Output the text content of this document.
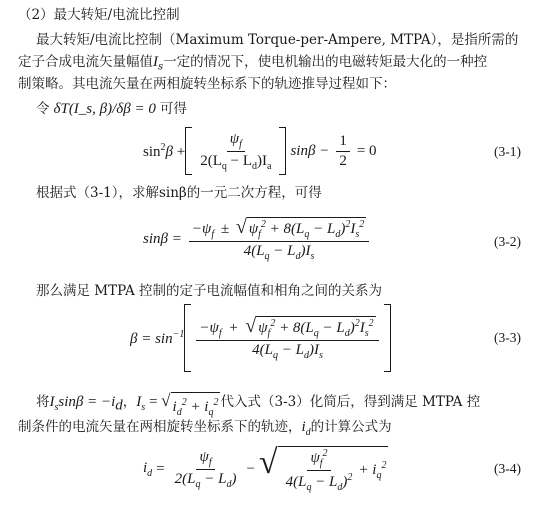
（2）最大转矩/电流比控制
最大转矩/电流比控制（Maximum Torque-per-Ampere, MTPA），是指所需的
定子合成电流矢量幅值$I_s$一定的情况下，使电机输出的电磁转矩最大化的一种控
制策略。其电流矢量在两相旋转坐标系下的轨迹推导过程如下：
令 δT(I_s, β)/δβ = 0 可得
$\sin^2\beta + \frac{\psi_f}{2(L_q - L_d)I_a}$ $\sin\beta - \frac{1}{2} = 0$	(3-1)
根据式（3-1），求解sinβ的一元二次方程，可得
$\sin\beta = \frac{-\psi_f \pm √ \psi_f^2 + 8(L_q - L_d)^2I_s^2}{4(L_q - L_d)I_s}$	(3-2)
那么满足 MTPA 控制的定子电流幅值和相角之间的关系为
$\beta = \sin^{-1} \frac{-\psi_f + √ \psi_f^2 + 8(L_q - L_d)^2I_s^2}{4(L_q - L_d)I_s}$	(3-3)
将$I_s\sin\beta = -i_d$，$I_s$ = √ $i_d^2 + i_q^2$ 代入式（3-3）化简后，得到满足 MTPA 控
制条件的电流矢量在两相旋转坐标系下的轨迹，$i_d$的计算公式为
$i_d = \frac{\psi_f}{2(L_q - L_d)}$ − √ $\frac{\psi_f^2}{4(L_q - L_d)^2} + i_q^2$	(3-4)
